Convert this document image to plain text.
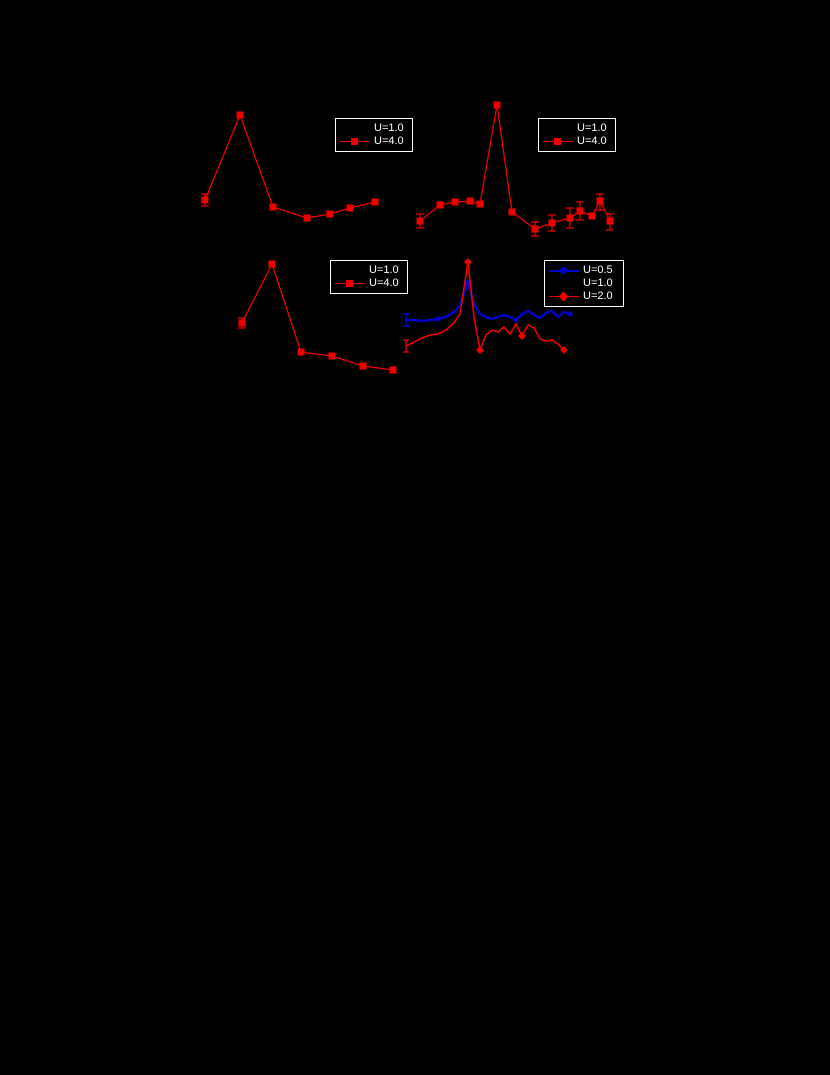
U=1.0
U=4.0
U=1.0
U=4.0
U=1.0
U=4.0
U=0.5
U=1.0
U=2.0
